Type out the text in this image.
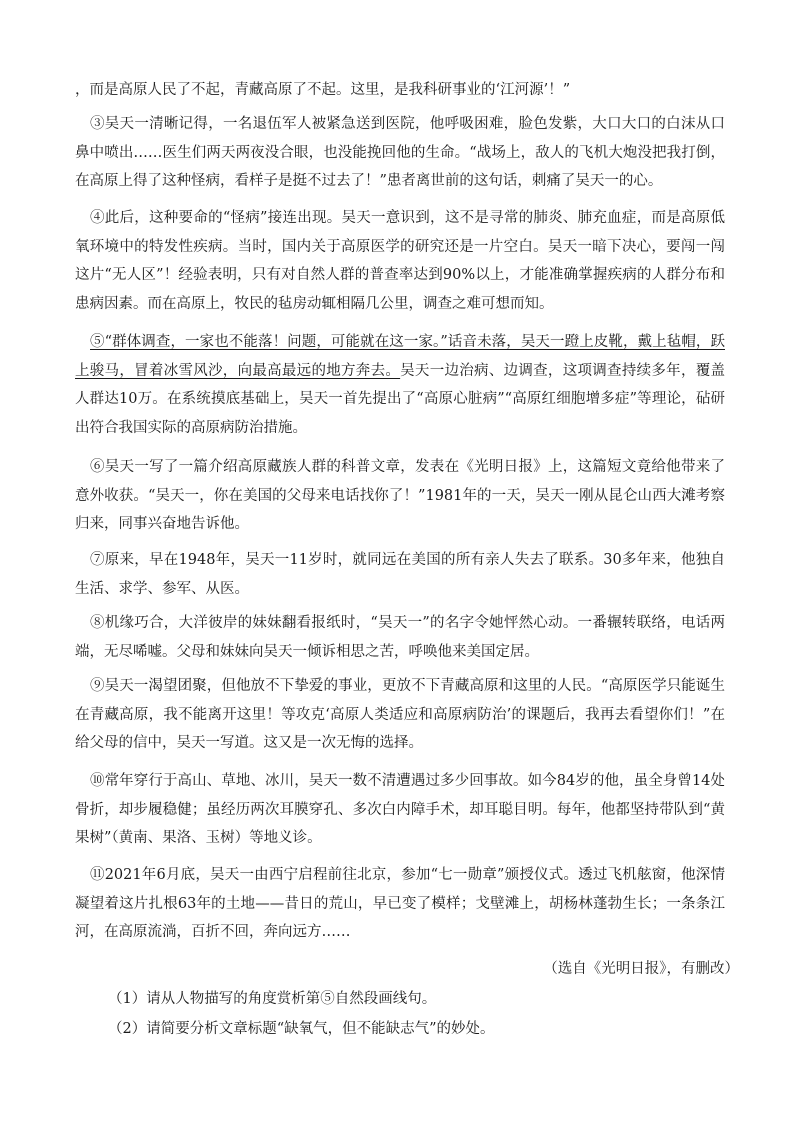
，而是高原人民了不起，青藏高原了不起。这里，是我科研事业的‘江河源’！”

③吴天一清晰记得，一名退伍军人被紧急送到医院，他呼吸困难，脸色发紫，大口大口的白沫从口鼻中喷出……医生们两天两夜没合眼，也没能挽回他的生命。“战场上，敌人的飞机大炮没把我打倒，在高原上得了这种怪病，看样子是挺不过去了！”患者离世前的这句话，刺痛了吴天一的心。

④此后，这种要命的“怪病”接连出现。吴天一意识到，这不是寻常的肺炎、肺充血症，而是高原低氧环境中的特发性疾病。当时，国内关于高原医学的研究还是一片空白。吴天一暗下决心，要闯一闯这片“无人区”！经验表明，只有对自然人群的普查率达到90%以上，才能准确掌握疾病的人群分布和患病因素。而在高原上，牧民的毡房动辄相隔几公里，调查之难可想而知。

⑤“群体调查，一家也不能落！问题，可能就在这一家。”话音未落，吴天一蹬上皮靴，戴上毡帽，跃上骏马，冒着冰雪风沙，向最高最远的地方奔去。吴天一边治病、边调查，这项调查持续多年，覆盖人群达10万。在系统摸底基础上，吴天一首先提出了“高原心脏病”“高原红细胞增多症”等理论，砧研出符合我国实际的高原病防治措施。

⑥吴天一写了一篇介绍高原藏族人群的科普文章，发表在《光明日报》上，这篇短文竟给他带来了意外收获。“吴天一，你在美国的父母来电话找你了！”1981年的一天，吴天一刚从昆仑山西大滩考察归来，同事兴奋地告诉他。

⑦原来，早在1948年，吴天一11岁时，就同远在美国的所有亲人失去了联系。30多年来，他独自生活、求学、参军、从医。

⑧机缘巧合，大洋彼岸的妹妹翻看报纸时，“吴天一”的名字令她怦然心动。一番辗转联络，电话两端，无尽唏嘘。父母和妹妹向吴天一倾诉相思之苦，呼唤他来美国定居。

⑨吴天一渴望团聚，但他放不下挚爱的事业，更放不下青藏高原和这里的人民。“高原医学只能诞生在青藏高原，我不能离开这里！等攻克‘高原人类适应和高原病防治’的课题后，我再去看望你们！”在给父母的信中，吴天一写道。这又是一次无悔的选择。

⑩常年穿行于高山、草地、冰川，吴天一数不清遭遇过多少回事故。如今84岁的他，虽全身曾14处骨折，却步履稳健；虽经历两次耳膜穿孔、多次白内障手术，却耳聪目明。每年，他都坚持带队到“黄果树”（黄南、果洛、玉树）等地义诊。

⑪2021年6月底，吴天一由西宁启程前往北京，参加“七一勋章”颁授仪式。透过飞机舷窗，他深情凝望着这片扎根63年的土地——昔日的荒山，早已变了模样；戈壁滩上，胡杨林蓬勃生长；一条条江河，在高原流淌，百折不回，奔向远方……

（选自《光明日报》，有删改）

（1）请从人物描写的角度赏析第⑤自然段画线句。

（2）请简要分析文章标题“缺氧气，但不能缺志气”的妙处。
